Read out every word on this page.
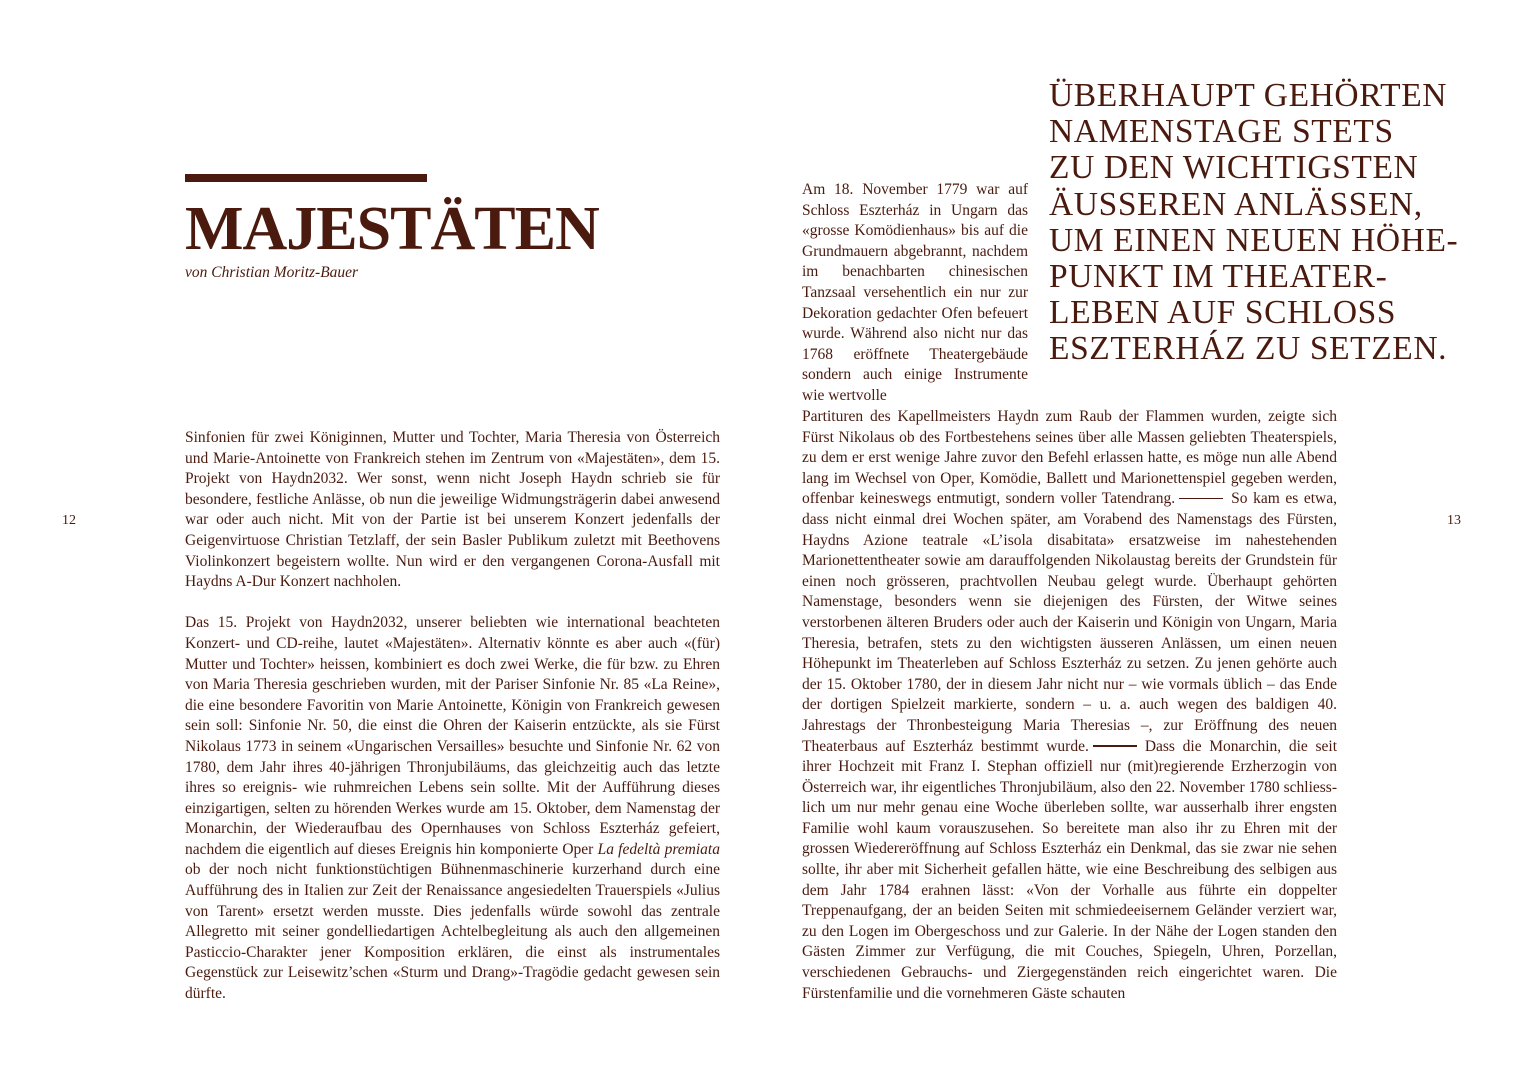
MAJESTÄTEN
von Christian Moritz-Bauer
12	13

Sinfonien für zwei Königinnen, Mutter und Tochter, Maria Theresia von Österreich und Marie-Antoinette von Frankreich stehen im Zentrum von «Majestäten», dem 15. Projekt von Haydn2032. Wer sonst, wenn nicht Joseph Haydn schrieb sie für besondere, festliche Anlässe, ob nun die jeweilige Widmungsträgerin dabei anwesend war oder auch nicht. Mit von der Partie ist bei unserem Konzert jedenfalls der Geigenvirtuose Christian Tetzlaff, der sein Basler Publikum zuletzt mit Beethovens Violinkonzert begeistern wollte. Nun wird er den vergangenen Corona-Ausfall mit Haydns A-Dur Konzert nachholen.

Das 15. Projekt von Haydn2032, unserer beliebten wie international beachteten Konzert- und CD-reihe, lautet «Majestäten». Alternativ könnte es aber auch «(für) Mutter und Tochter» heissen, kombiniert es doch zwei Werke, die für bzw. zu Ehren von Maria Theresia geschrieben wurden, mit der Pariser Sinfonie Nr. 85 «La Reine», die eine besondere Favoritin von Marie Antoinette, Königin von Frankreich gewesen sein soll: Sinfonie Nr. 50, die einst die Ohren der Kaiserin entzückte, als sie Fürst Nikolaus 1773 in seinem «Ungarischen Versailles» besuchte und Sinfonie Nr. 62 von 1780, dem Jahr ihres 40-jährigen Thronjubiläums, das gleichzeitig auch das letzte ihres so ereignis- wie ruhmreichen Lebens sein sollte. Mit der Aufführung dieses einzigartigen, selten zu hörenden Werkes wurde am 15. Oktober, dem Namenstag der Monarchin, der Wiederaufbau des Opernhauses von Schloss Eszterház gefeiert, nachdem die eigentlich auf dieses Ereignis hin komponierte Oper La fedeltà premiata ob der noch nicht funktionstüchtigen Bühnenmaschinerie kurzerhand durch eine Aufführung des in Italien zur Zeit der Renaissance angesiedelten Trauerspiels «Julius von Tarent» ersetzt werden musste. Dies jedenfalls würde sowohl das zentrale Allegretto mit seiner gondelliedartigen Achtelbegleitung als auch den allgemeinen Pasticcio-Charakter jener Komposition erklären, die einst als instrumentales Gegenstück zur Leisewitz’schen «Sturm und Drang»-Tragödie gedacht gewesen sein dürfte.

ÜBERHAUPT GEHÖRTEN
NAMENSTAGE STETS
ZU DEN WICHTIGSTEN
ÄUSSEREN ANLÄSSEN,
UM EINEN NEUEN HÖHE-
PUNKT IM THEATER-
LEBEN AUF SCHLOSS
ESZTERHÁZ ZU SETZEN.

Am 18. November 1779 war auf Schloss Eszterház in Ungarn das «grosse Komödienhaus» bis auf die Grundmauern abgebrannt, nachdem im benachbarten chinesischen Tanzsaal versehentlich ein nur zur Dekoration gedachter Ofen befeuert wurde. Während also nicht nur das 1768 eröffnete Theatergebäude sondern auch einige Instrumente wie wertvolle

Partituren des Kapellmeisters Haydn zum Raub der Flammen wurden, zeigte sich Fürst Nikolaus ob des Fortbestehens seines über alle Massen geliebten Theaterspiels, zu dem er erst wenige Jahre zuvor den Befehl erlassen hatte, es möge nun alle Abend lang im Wechsel von Oper, Komödie, Ballett und Marionettenspiel gegeben werden, offenbar keineswegs entmutigt, sondern voller Tatendrang.	So kam es etwa, dass nicht einmal drei Wochen später, am Vorabend des Namenstags des Fürsten, Haydns Azione teatrale «L’isola disabitata» ersatzweise im nahestehenden Marionettentheater sowie am darauffolgenden Nikolaustag bereits der Grundstein für einen noch grösseren, prachtvollen Neubau gelegt wurde. Überhaupt gehörten Namenstage, besonders wenn sie diejenigen des Fürsten, der Witwe seines verstorbenen älteren Bruders oder auch der Kaiserin und Königin von Ungarn, Maria Theresia, betrafen, stets zu den wichtigsten äusseren Anlässen, um einen neuen Höhepunkt im Theaterleben auf Schloss Eszterház zu setzen. Zu jenen gehörte auch der 15. Oktober 1780, der in diesem Jahr nicht nur – wie vormals üblich – das Ende der dortigen Spielzeit markierte, sondern – u. a. auch wegen des baldigen 40. Jahrestags der Thronbesteigung Maria Theresias –, zur Eröffnung des neuen Theaterbaus auf Eszterház bestimmt wurde.	Dass die Monarchin, die seit ihrer Hochzeit mit Franz I. Stephan offiziell nur (mit)regierende Erzherzogin von Österreich war, ihr eigentliches Thronjubiläum, also den 22. November 1780 schliesslich um nur mehr genau eine Woche überleben sollte, war ausserhalb ihrer engsten Familie wohl kaum vorauszusehen. So bereitete man also ihr zu Ehren mit der grossen Wiedereröffnung auf Schloss Eszterház ein Denkmal, das sie zwar nie sehen sollte, ihr aber mit Sicherheit gefallen hätte, wie eine Beschreibung des selbigen aus dem Jahr 1784 erahnen lässt: «Von der Vorhalle aus führte ein doppelter Treppenaufgang, der an beiden Seiten mit schmiedeeisernem Geländer verziert war, zu den Logen im Obergeschoss und zur Galerie. In der Nähe der Logen standen den Gästen Zimmer zur Verfügung, die mit Couches, Spiegeln, Uhren, Porzellan, verschiedenen Gebrauchs- und Ziergegenständen reich eingerichtet waren. Die Fürstenfamilie und die vornehmeren Gäste schauten
